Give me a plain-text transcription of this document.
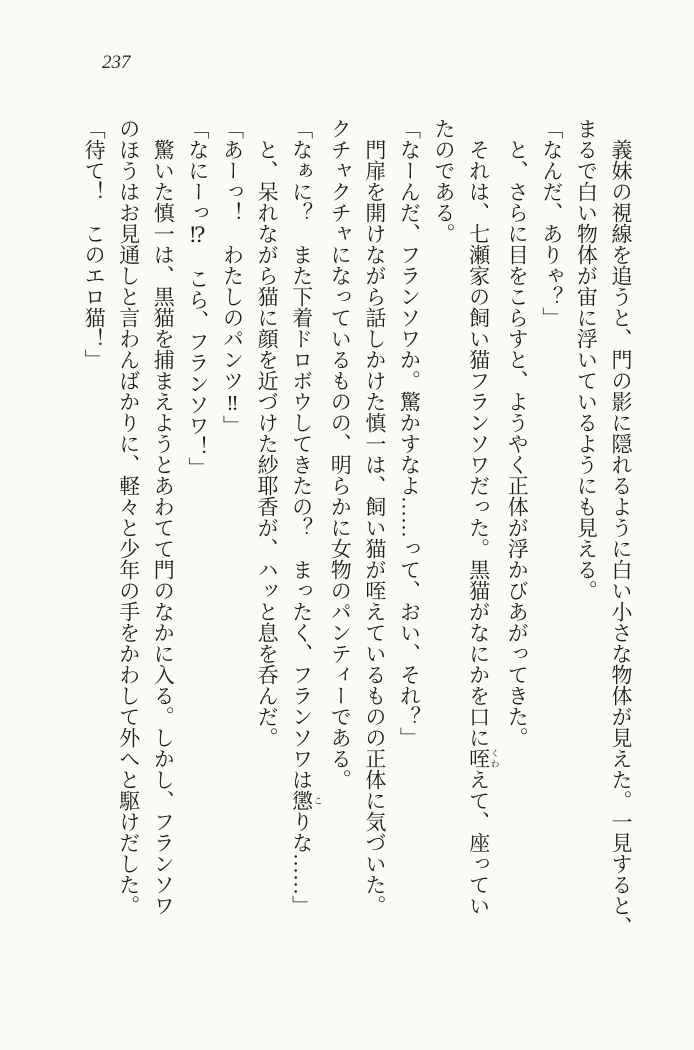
237
義妹の視線を追うと、門の影に隠れるように白い小さな物体が見えた。一見すると、
まるで白い物体が宙に浮いているようにも見える。
「なんだ、ありゃ？」
と、さらに目をこらすと、ようやく正体が浮かびあがってきた。
それは、七瀬家の飼い猫フランソワだった。黒猫がなにかを口に咥 くわえて、座ってい
たのである。
「なーんだ、フランソワか。驚かすなよ……って、おい、それ？」
門扉を開けながら話しかけた慎一は、飼い猫が咥えているものの正体に気づいた。
クチャクチャになっているものの、明らかに女物のパンティーである。
「なぁに？　また下着ドロボウしてきたの？　まったく、フランソワは懲 こりな……」
と、呆れながら猫に顔を近づけた紗耶香が、ハッと息を呑んだ。
「あーっ！　わたしのパンツ‼」
「なにーっ⁉　こら、フランソワ！」
驚いた慎一は、黒猫を捕まえようとあわてて門のなかに入る。しかし、フランソワ
のほうはお見通しと言わんばかりに、軽々と少年の手をかわして外へと駆けだした。
「待て！　このエロ猫！」
